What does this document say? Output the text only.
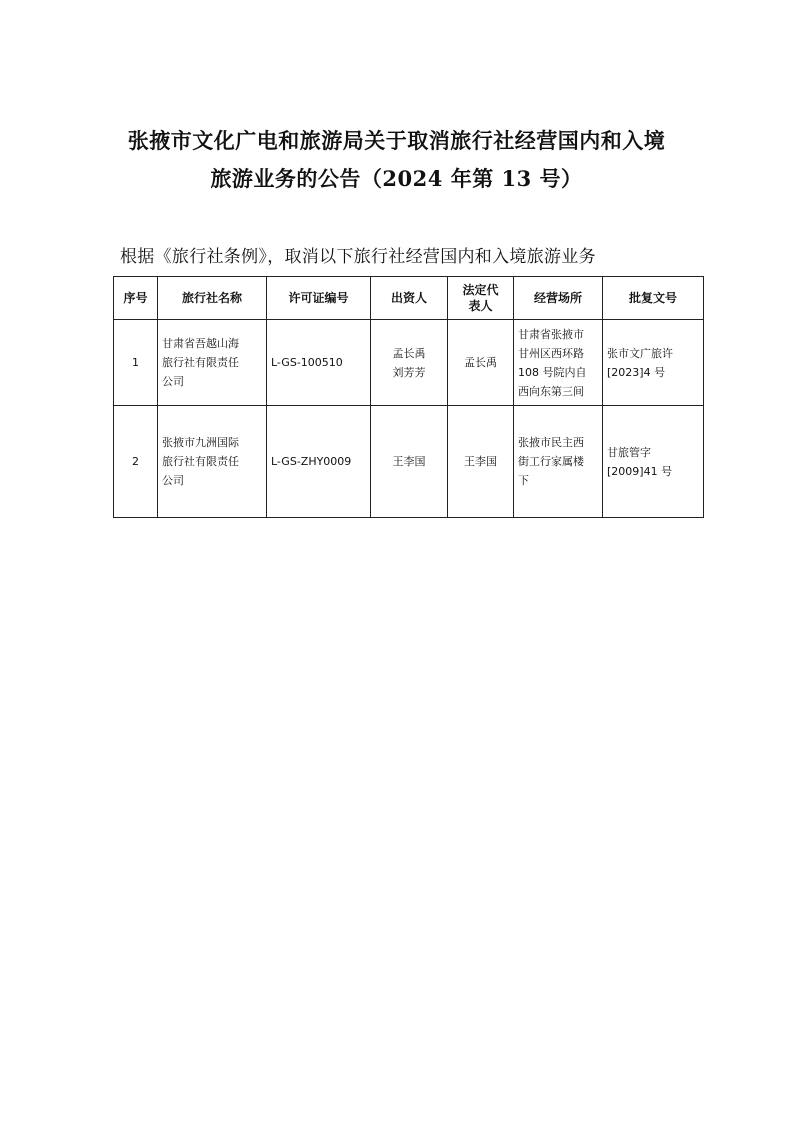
张掖市文化广电和旅游局关于取消旅行社经营国内和入境
旅游业务的公告（2024 年第 13 号）
根据《旅行社条例》，取消以下旅行社经营国内和入境旅游业务
序号	旅行社名称	许可证编号	出资人	法定代
表人	经营场所	批复文号
1	甘肃省吾越山海
旅行社有限责任
公司	L-GS-100510	孟长禹
刘芳芳	孟长禹	甘肃省张掖市
甘州区西环路
108 号院内自
西向东第三间	张市文广旅许
[2023]4 号
2	张掖市九洲国际
旅行社有限责任
公司	L-GS-ZHY0009	王李国	王李国	张掖市民主西
街工行家属楼
下	甘旅管字
[2009]41 号
